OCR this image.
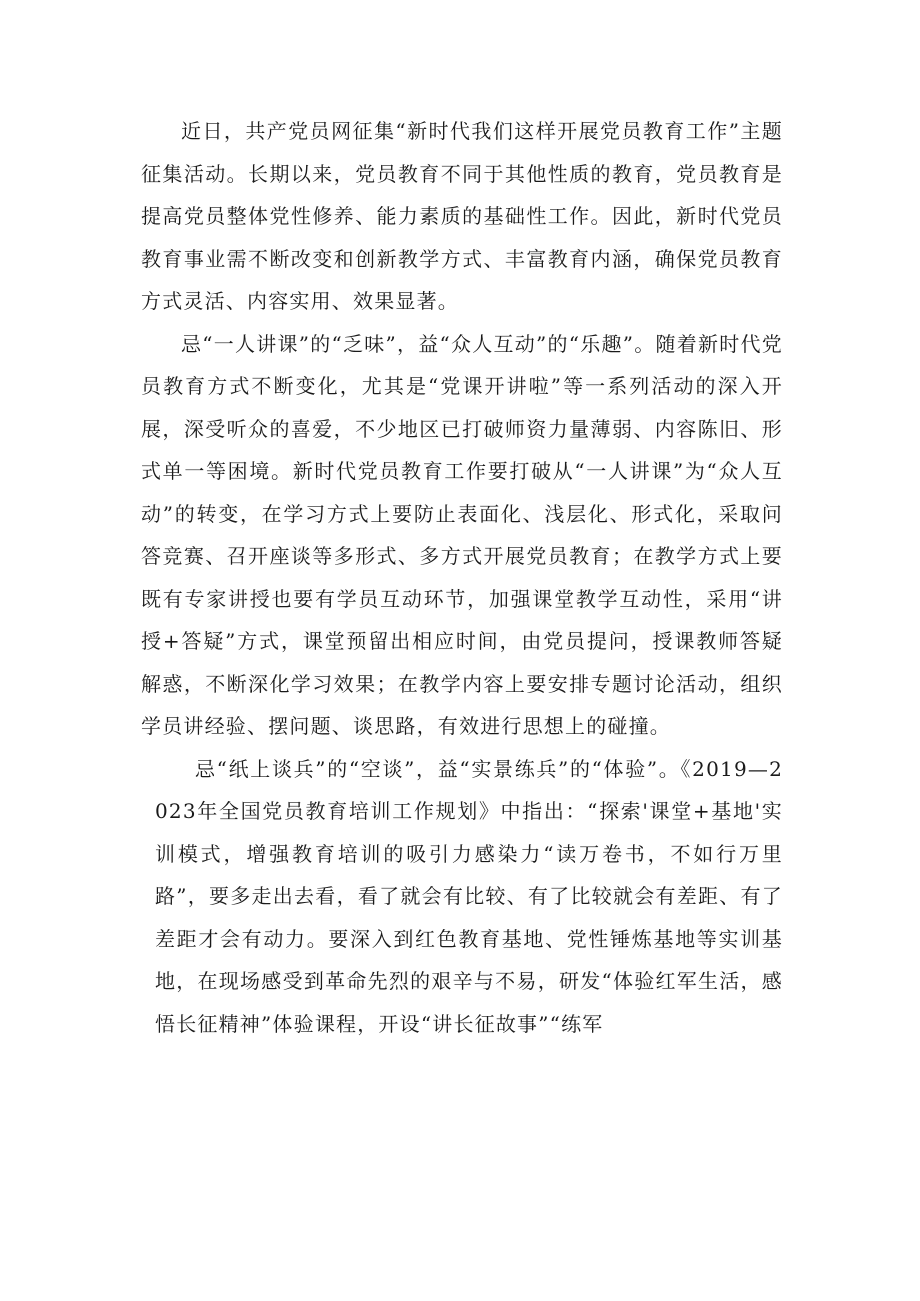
近日，共产党员网征集“新时代我们这样开展党员教育工作”主题征集活动。长期以来，党员教育不同于其他性质的教育，党员教育是提高党员整体党性修养、能力素质的基础性工作。因此，新时代党员教育事业需不断改变和创新教学方式、丰富教育内涵，确保党员教育方式灵活、内容实用、效果显著。

忌“一人讲课”的“乏味”，益“众人互动”的“乐趣”。随着新时代党员教育方式不断变化，尤其是“党课开讲啦”等一系列活动的深入开展，深受听众的喜爱，不少地区已打破师资力量薄弱、内容陈旧、形式单一等困境。新时代党员教育工作要打破从“一人讲课”为“众人互动”的转变，在学习方式上要防止表面化、浅层化、形式化，采取问答竞赛、召开座谈等多形式、多方式开展党员教育；在教学方式上要既有专家讲授也要有学员互动环节，加强课堂教学互动性，采用“讲授+答疑”方式，课堂预留出相应时间，由党员提问，授课教师答疑解惑，不断深化学习效果；在教学内容上要安排专题讨论活动，组织学员讲经验、摆问题、谈思路，有效进行思想上的碰撞。

忌“纸上谈兵”的“空谈”，益“实景练兵”的“体验”。《2019—2023年全国党员教育培训工作规划》中指出：“探索'课堂+基地'实训模式，增强教育培训的吸引力感染力“读万卷书，不如行万里路”，要多走出去看，看了就会有比较、有了比较就会有差距、有了差距才会有动力。要深入到红色教育基地、党性锤炼基地等实训基地，在现场感受到革命先烈的艰辛与不易，研发“体验红军生活，感悟长征精神”体验课程，开设“讲长征故事”“练军
